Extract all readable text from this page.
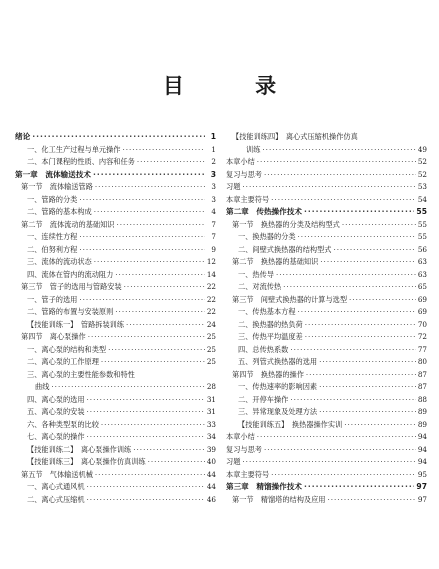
目 录
绪论 ·····	1
一、化工生产过程与单元操作 ·····	1
二、本门课程的性质、内容和任务 ·····	2
第一章　流体输送技术 ·····	3
第一节　流体输送管路 ·····	3
一、管路的分类 ·····	3
二、管路的基本构成 ·····	4
第二节　流体流动的基础知识 ·····	7
一、连续性方程 ·····	7
二、伯努利方程 ·····	9
三、流体的流动状态 ·····	12
四、流体在管内的流动阻力 ·····	14
第三节　管子的选用与管路安装 ·····	22
一、管子的选用 ·····	22
二、管路的布置与安装原则 ·····	22
【技能训练一】　管路拆装训练 ·····	24
第四节　离心泵操作 ·····	25
一、离心泵的结构和类型 ·····	25
二、离心泵的工作原理 ·····	25
三、离心泵的主要性能参数和特性
曲线 ·····	28
四、离心泵的选用 ·····	31
五、离心泵的安装 ·····	31
六、各种类型泵的比较 ·····	33
七、离心泵的操作 ·····	34
【技能训练二】　离心泵操作训练 ·····	39
【技能训练三】　离心泵操作仿真训练 ·····	40
第五节　气体输送机械 ·····	44
一、离心式通风机 ·····	44
二、离心式压缩机 ·····	46
【技能训练四】　离心式压缩机操作仿真
训练 ·····	49
本章小结 ·····	52
复习与思考 ·····	52
习题 ·····	53
本章主要符号 ·····	54
第二章　传热操作技术 ·····	55
第一节　换热器的分类及结构型式 ·····	55
一、换热器的分类 ·····	55
二、间壁式换热器的结构型式 ·····	56
第二节　换热器的基础知识 ·····	63
一、热传导 ·····	63
二、对流传热 ·····	65
第三节　间壁式换热器的计算与选型 ·····	69
一、传热基本方程 ·····	69
二、换热器的热负荷 ·····	70
三、传热平均温度差 ·····	72
四、总传热系数 ·····	77
五、列管式换热器的选用 ·····	80
第四节　换热器的操作 ·····	87
一、传热速率的影响因素 ·····	87
二、开停车操作 ·····	88
三、异常现象及处理方法 ·····	89
【技能训练五】　换热器操作实训 ·····	89
本章小结 ·····	94
复习与思考 ·····	94
习题 ·····	94
本章主要符号 ·····	95
第三章　精馏操作技术 ·····	97
第一节　精馏塔的结构及应用 ·····	97
